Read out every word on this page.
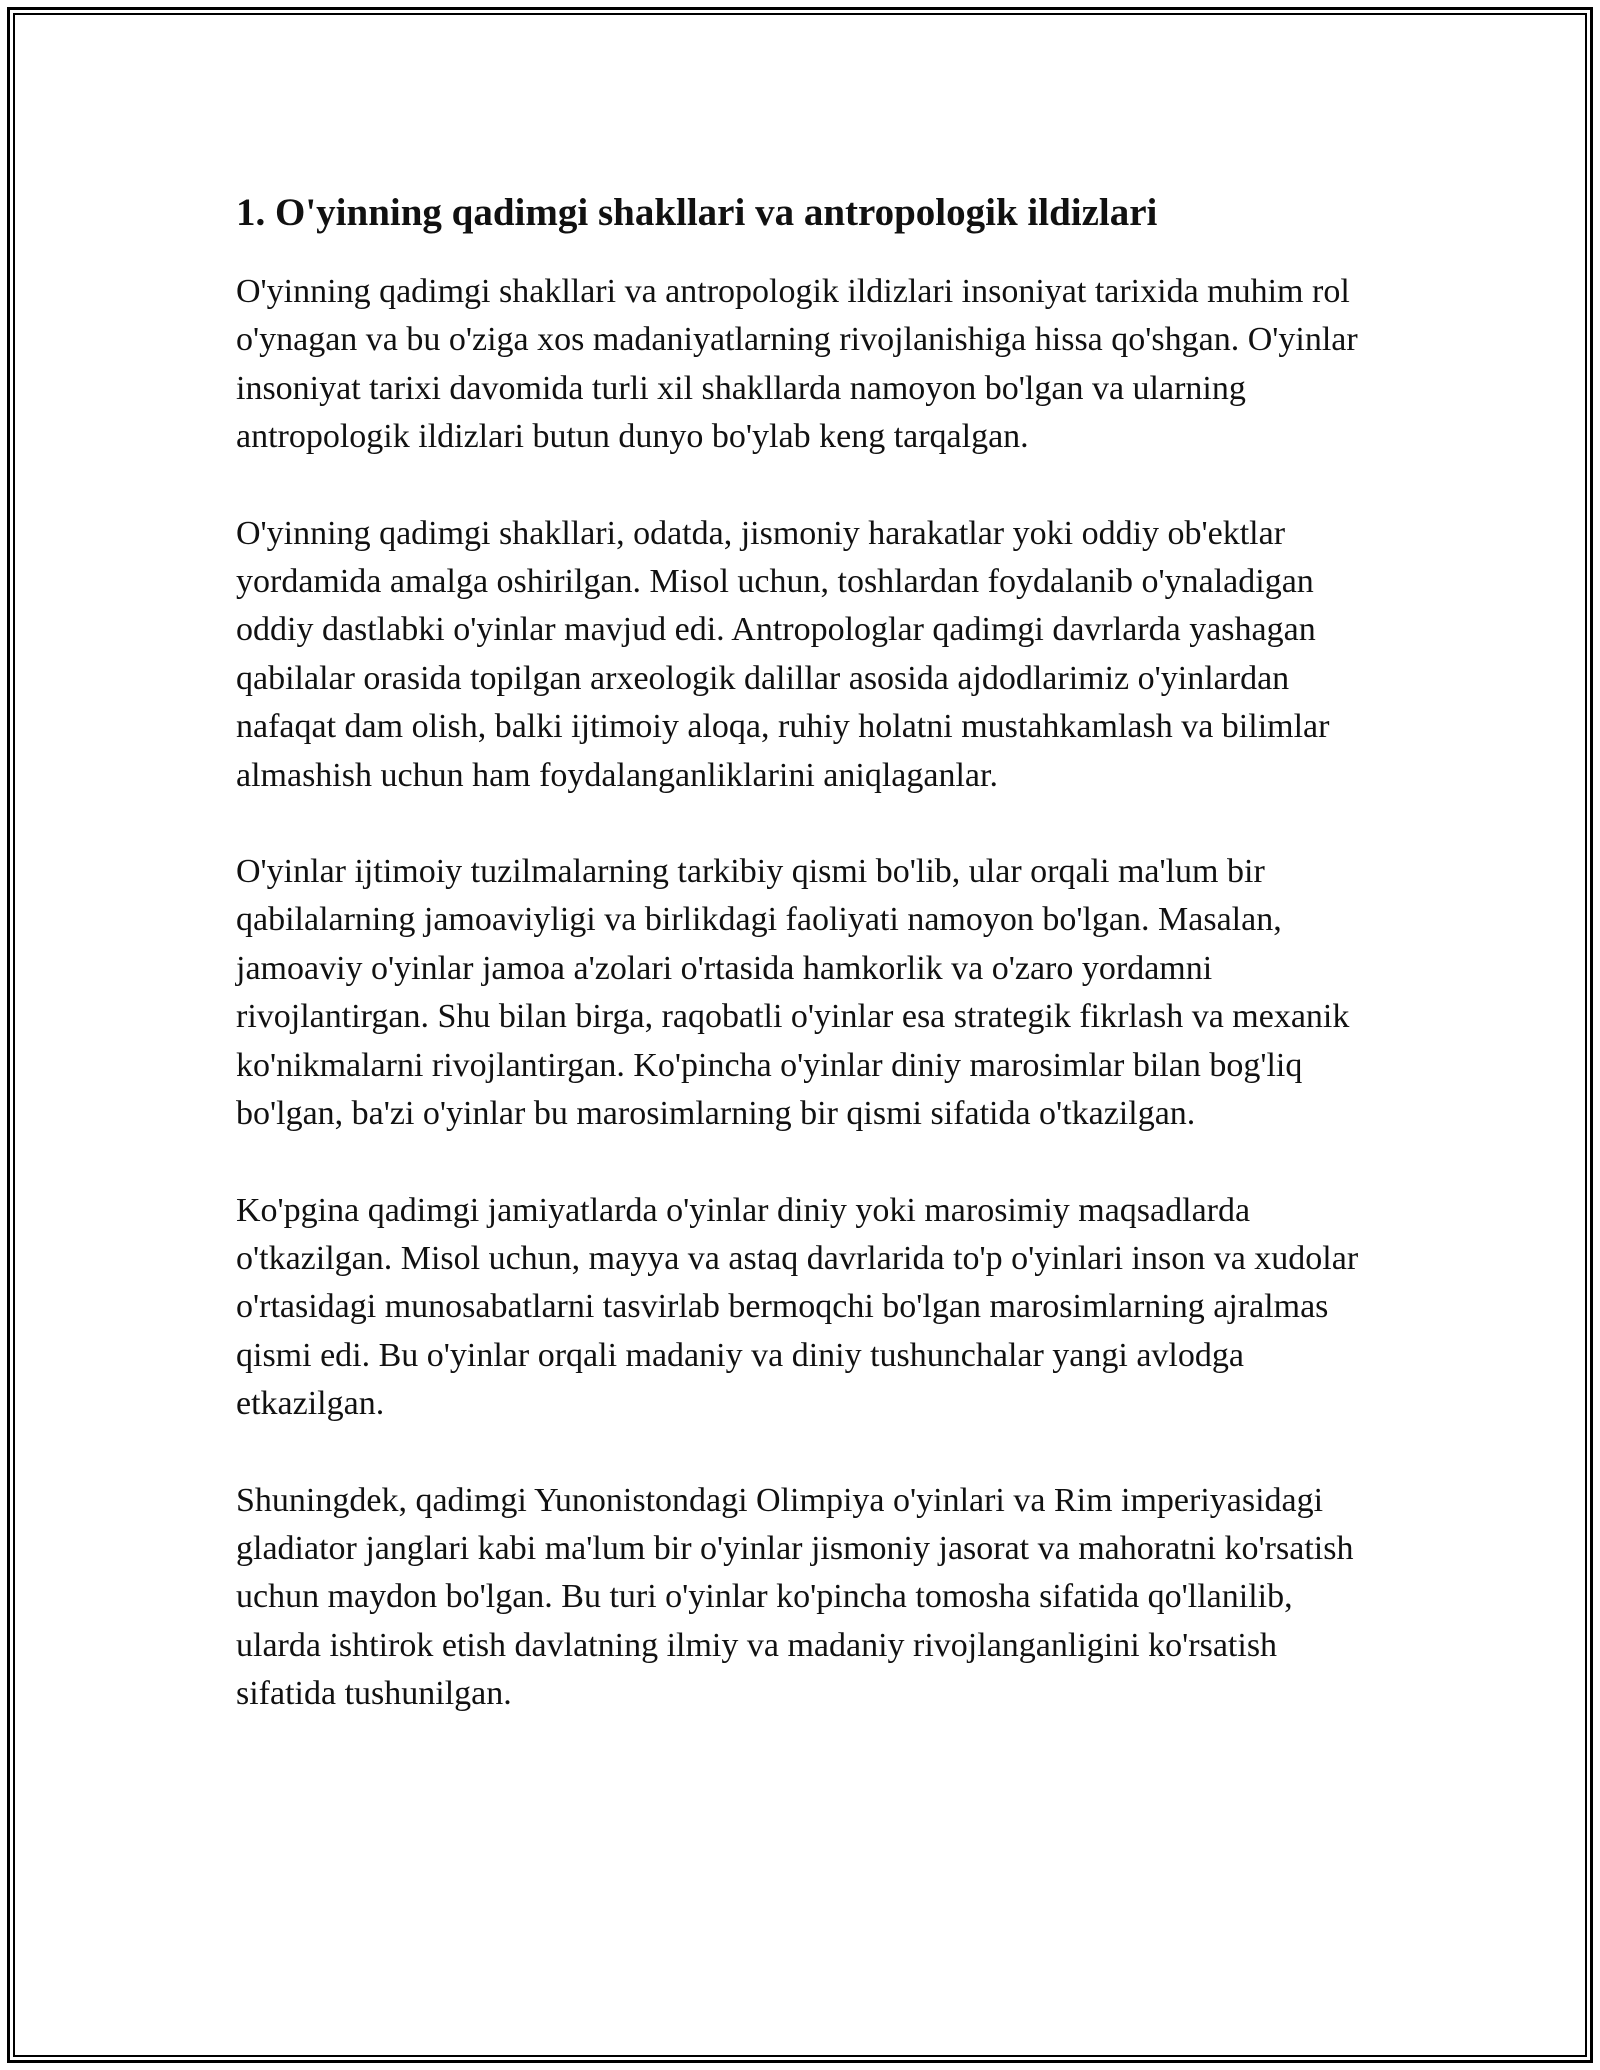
1. O'yinning qadimgi shakllari va antropologik ildizlari

O'yinning qadimgi shakllari va antropologik ildizlari insoniyat tarixida muhim rol o'ynagan va bu o'ziga xos madaniyatlarning rivojlanishiga hissa qo'shgan. O'yinlar insoniyat tarixi davomida turli xil shakllarda namoyon bo'lgan va ularning antropologik ildizlari butun dunyo bo'ylab keng tarqalgan.

O'yinning qadimgi shakllari, odatda, jismoniy harakatlar yoki oddiy ob'ektlar yordamida amalga oshirilgan. Misol uchun, toshlardan foydalanib o'ynaladigan oddiy dastlabki o'yinlar mavjud edi. Antropologlar qadimgi davrlarda yashagan qabilalar orasida topilgan arxeologik dalillar asosida ajdodlarimiz o'yinlardan nafaqat dam olish, balki ijtimoiy aloqa, ruhiy holatni mustahkamlash va bilimlar almashish uchun ham foydalanganliklarini aniqlaganlar.

O'yinlar ijtimoiy tuzilmalarning tarkibiy qismi bo'lib, ular orqali ma'lum bir qabilalarning jamoaviyligi va birlikdagi faoliyati namoyon bo'lgan. Masalan, jamoaviy o'yinlar jamoa a'zolari o'rtasida hamkorlik va o'zaro yordamni rivojlantirgan. Shu bilan birga, raqobatli o'yinlar esa strategik fikrlash va mexanik ko'nikmalarni rivojlantirgan. Ko'pincha o'yinlar diniy marosimlar bilan bog'liq bo'lgan, ba'zi o'yinlar bu marosimlarning bir qismi sifatida o'tkazilgan.

Ko'pgina qadimgi jamiyatlarda o'yinlar diniy yoki marosimiy maqsadlarda o'tkazilgan. Misol uchun, mayya va astaq davrlarida to'p o'yinlari inson va xudolar o'rtasidagi munosabatlarni tasvirlab bermoqchi bo'lgan marosimlarning ajralmas qismi edi. Bu o'yinlar orqali madaniy va diniy tushunchalar yangi avlodga etkazilgan.

Shuningdek, qadimgi Yunonistondagi Olimpiya o'yinlari va Rim imperiyasidagi gladiator janglari kabi ma'lum bir o'yinlar jismoniy jasorat va mahoratni ko'rsatish uchun maydon bo'lgan. Bu turi o'yinlar ko'pincha tomosha sifatida qo'llanilib, ularda ishtirok etish davlatning ilmiy va madaniy rivojlanganligini ko'rsatish sifatida tushunilgan.
